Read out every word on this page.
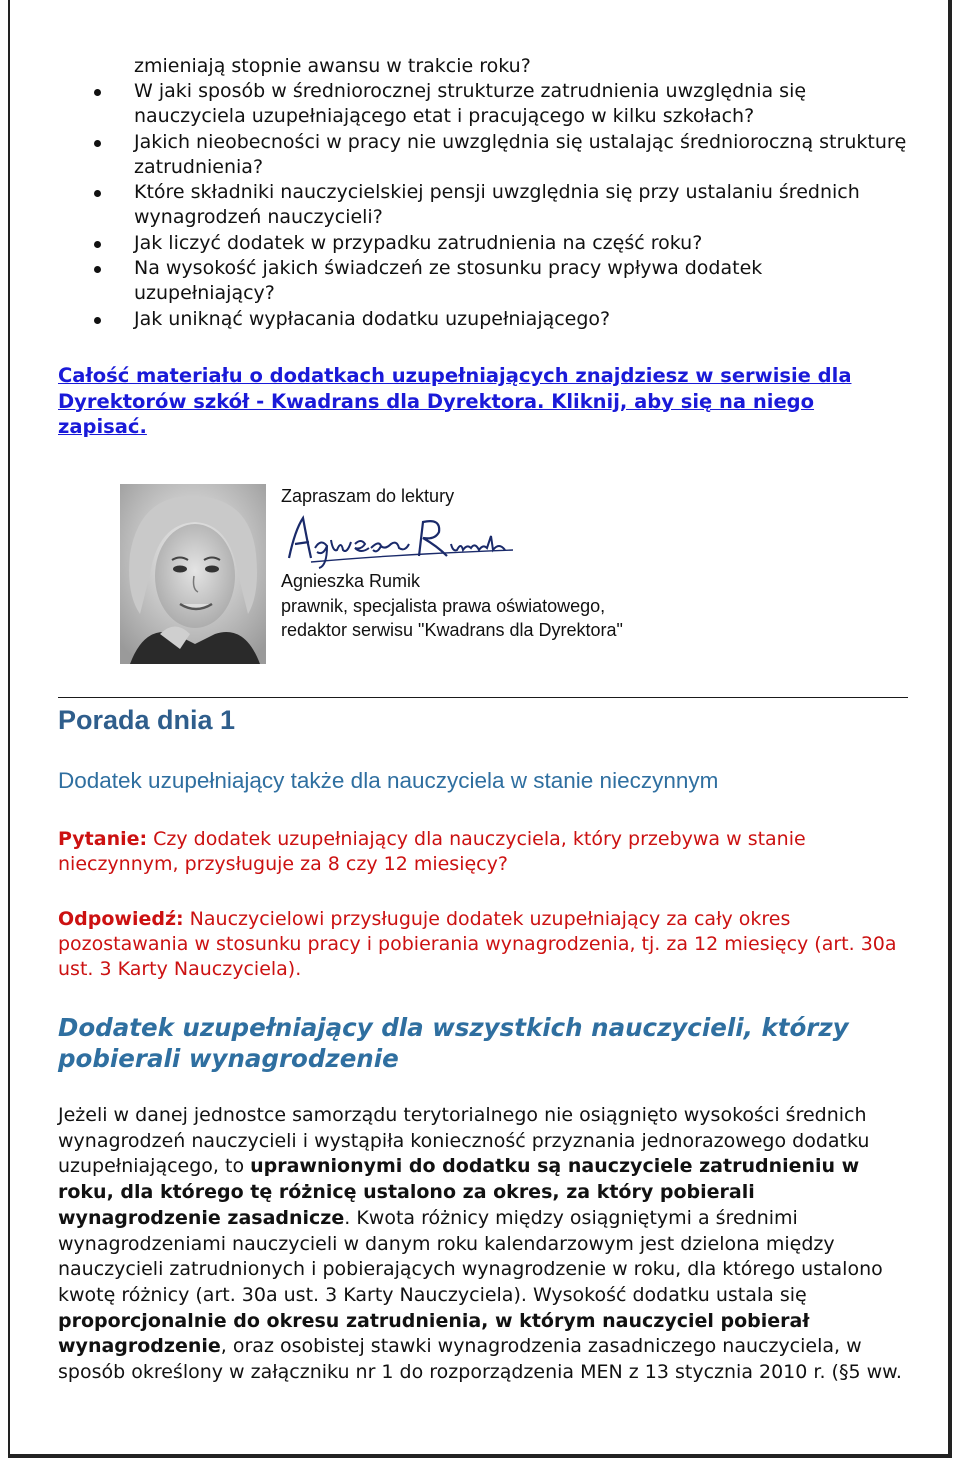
zmieniają stopnie awansu w trakcie roku?
W jaki sposób w średniorocznej strukturze zatrudnienia uwzględnia się nauczyciela uzupełniającego etat i pracującego w kilku szkołach?
Jakich nieobecności w pracy nie uwzględnia się ustalając średnioroczną strukturę zatrudnienia?
Które składniki nauczycielskiej pensji uwzględnia się przy ustalaniu średnich wynagrodzeń nauczycieli?
Jak liczyć dodatek w przypadku zatrudnienia na część roku?
Na wysokość jakich świadczeń ze stosunku pracy wpływa dodatek uzupełniający?
Jak uniknąć wypłacania dodatku uzupełniającego?
Całość materiału o dodatkach uzupełniających znajdziesz w serwisie dla Dyrektorów szkół - Kwadrans dla Dyrektora. Kliknij, aby się na niego zapisać.
Zapraszam do lektury
Agnieszka Rumik
prawnik, specjalista prawa oświatowego,
redaktor serwisu "Kwadrans dla Dyrektora"
Porada dnia 1
Dodatek uzupełniający także dla nauczyciela w stanie nieczynnym
Pytanie: Czy dodatek uzupełniający dla nauczyciela, który przebywa w stanie nieczynnym, przysługuje za 8 czy 12 miesięcy?
Odpowiedź: Nauczycielowi przysługuje dodatek uzupełniający za cały okres pozostawania w stosunku pracy i pobierania wynagrodzenia, tj. za 12 miesięcy (art. 30a ust. 3 Karty Nauczyciela).
Dodatek uzupełniający dla wszystkich nauczycieli, którzy pobierali wynagrodzenie
Jeżeli w danej jednostce samorządu terytorialnego nie osiągnięto wysokości średnich wynagrodzeń nauczycieli i wystąpiła konieczność przyznania jednorazowego dodatku uzupełniającego, to uprawnionymi do dodatku są nauczyciele zatrudnieniu w roku, dla którego tę różnicę ustalono za okres, za który pobierali wynagrodzenie zasadnicze. Kwota różnicy między osiągniętymi a średnimi wynagrodzeniami nauczycieli w danym roku kalendarzowym jest dzielona między nauczycieli zatrudnionych i pobierających wynagrodzenie w roku, dla którego ustalono kwotę różnicy (art. 30a ust. 3 Karty Nauczyciela). Wysokość dodatku ustala się proporcjonalnie do okresu zatrudnienia, w którym nauczyciel pobierał wynagrodzenie, oraz osobistej stawki wynagrodzenia zasadniczego nauczyciela, w sposób określony w załączniku nr 1 do rozporządzenia MEN z 13 stycznia 2010 r. (§5 ww.
